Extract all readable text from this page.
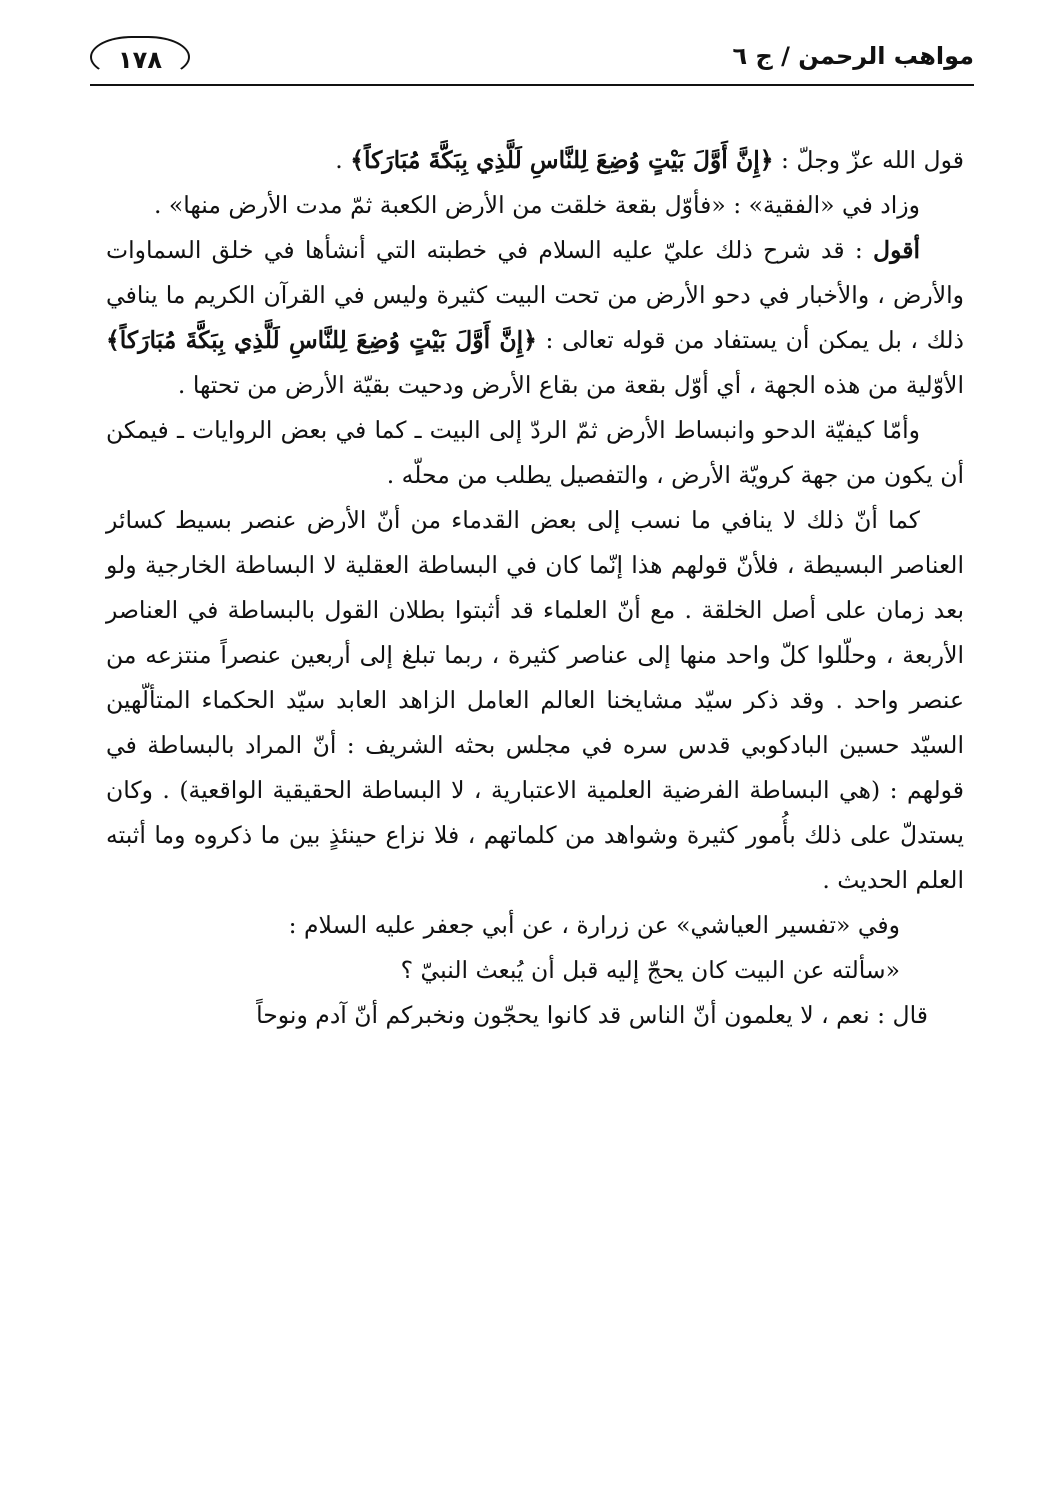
مواهب الرحمن / ج ٦
١٧٨

قول الله عزّ وجلّ : ﴿إِنَّ أَوَّلَ بَيْتٍ وُضِعَ لِلنَّاسِ لَلَّذِي بِبَكَّةَ مُبَارَكاً﴾ .

وزاد في «الفقية» : «فأوّل بقعة خلقت من الأرض الكعبة ثمّ مدت الأرض منها» .

أقول : قد شرح ذلك عليّ عليه السلام في خطبته التي أنشأها في خلق السماوات والأرض ، والأخبار في دحو الأرض من تحت البيت كثيرة وليس في القرآن الكريم ما ينافي ذلك ، بل يمكن أن يستفاد من قوله تعالى : ﴿إِنَّ أَوَّلَ بَيْتٍ وُضِعَ لِلنَّاسِ لَلَّذِي بِبَكَّةَ مُبَارَكاً﴾ الأوّلية من هذه الجهة ، أي أوّل بقعة من بقاع الأرض ودحيت بقيّة الأرض من تحتها .

وأمّا كيفيّة الدحو وانبساط الأرض ثمّ الردّ إلى البيت ـ كما في بعض الروايات ـ فيمكن أن يكون من جهة كرويّة الأرض ، والتفصيل يطلب من محلّه .

كما أنّ ذلك لا ينافي ما نسب إلى بعض القدماء من أنّ الأرض عنصر بسيط كسائر العناصر البسيطة ، فلأنّ قولهم هذا إنّما كان في البساطة العقلية لا البساطة الخارجية ولو بعد زمان على أصل الخلقة . مع أنّ العلماء قد أثبتوا بطلان القول بالبساطة في العناصر الأربعة ، وحلّلوا كلّ واحد منها إلى عناصر كثيرة ، ربما تبلغ إلى أربعين عنصراً منتزعه من عنصر واحد . وقد ذكر سيّد مشايخنا العالم العامل الزاهد العابد سيّد الحكماء المتألّهين السيّد حسين البادكوبي قدس سره في مجلس بحثه الشريف : أنّ المراد بالبساطة في قولهم : (هي البساطة الفرضية العلمية الاعتبارية ، لا البساطة الحقيقية الواقعية) . وكان يستدلّ على ذلك بأُمور كثيرة وشواهد من كلماتهم ، فلا نزاع حينئذٍ بين ما ذكروه وما أثبته العلم الحديث .

وفي «تفسير العياشي» عن زرارة ، عن أبي جعفر عليه السلام :

«سألته عن البيت كان يحجّ إليه قبل أن يُبعث النبيّ ؟

قال : نعم ، لا يعلمون أنّ الناس قد كانوا يحجّون ونخبركم أنّ آدم ونوحاً
